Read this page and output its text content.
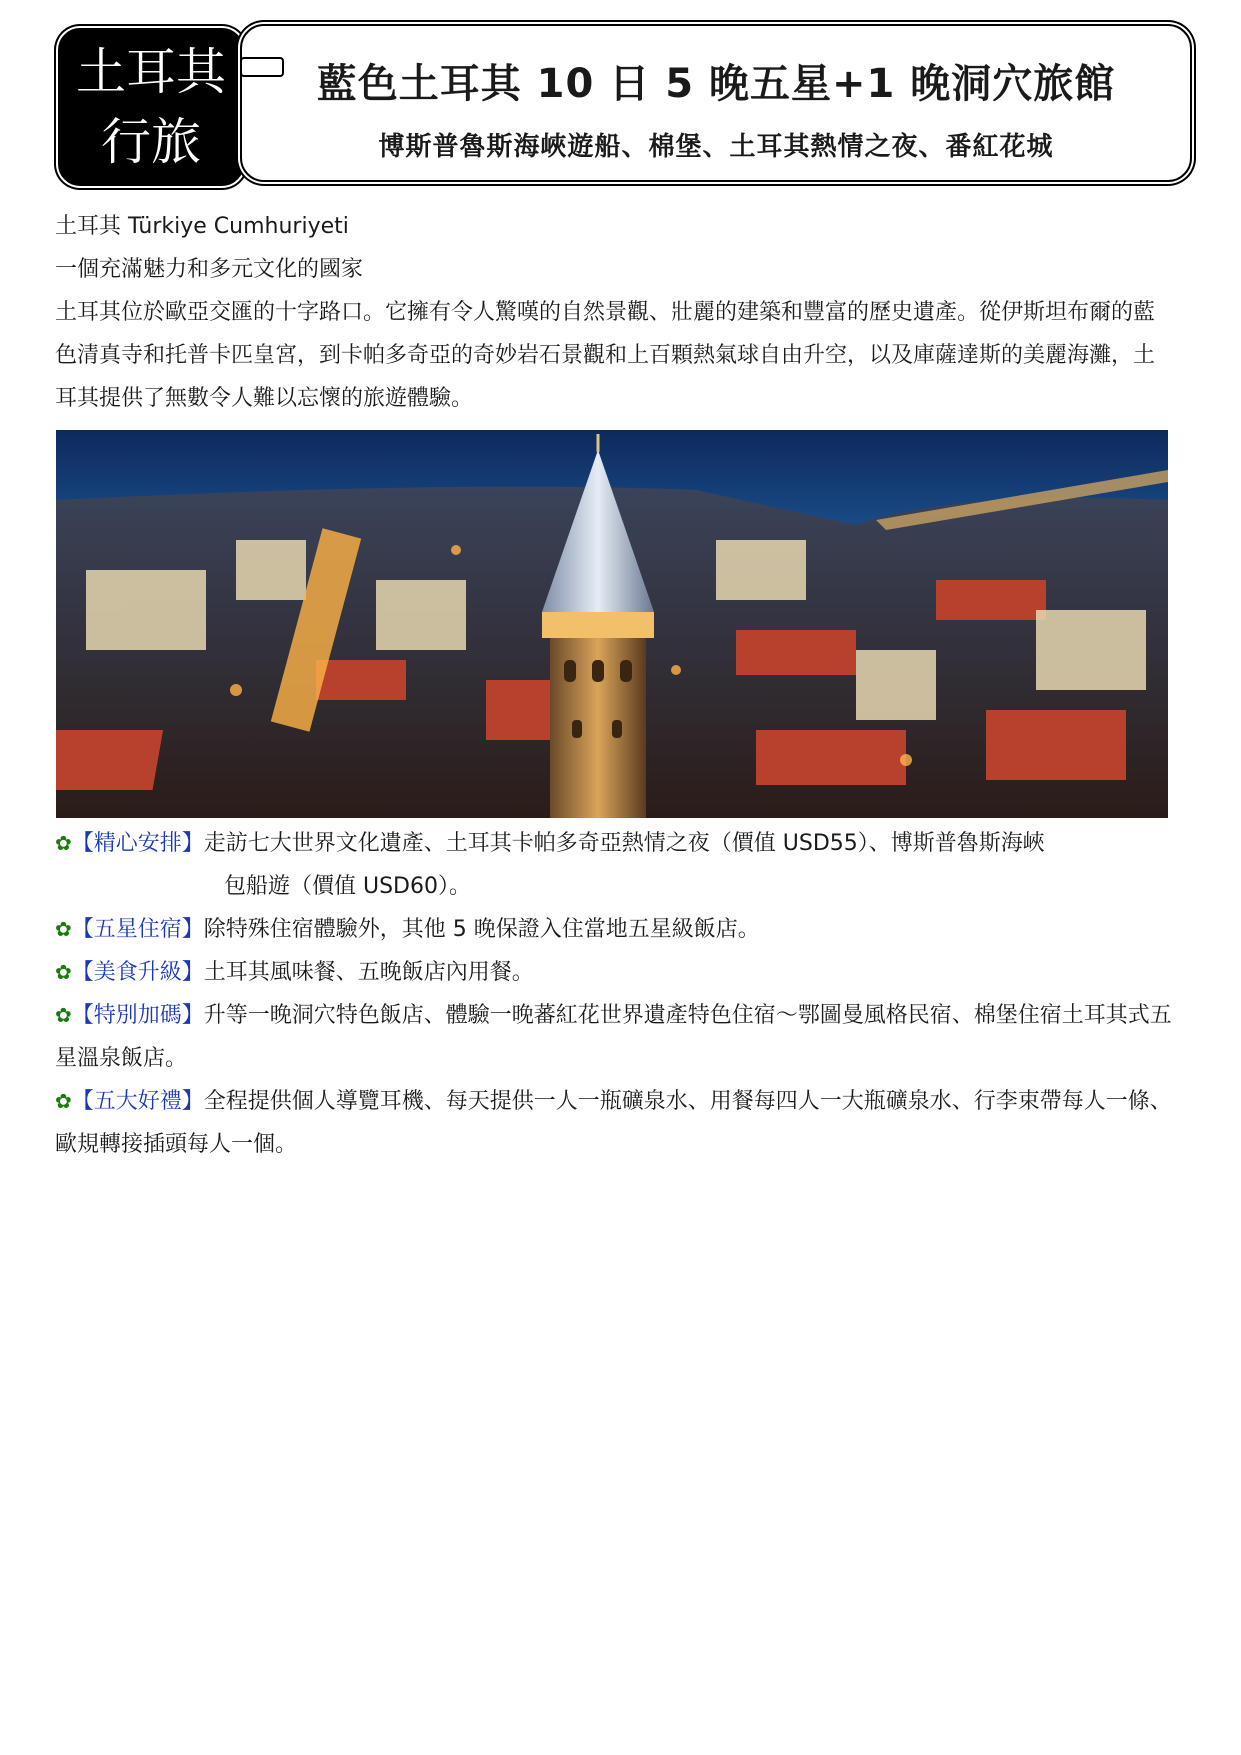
土耳其
行旅
藍色土耳其 10 日 5 晚五星+1 晚洞穴旅館
博斯普魯斯海峽遊船、棉堡、土耳其熱情之夜、番紅花城

土耳其 Türkiye Cumhuriyeti

一個充滿魅力和多元文化的國家

土耳其位於歐亞交匯的十字路口。它擁有令人驚嘆的自然景觀、壯麗的建築和豐富的歷史遺產。從伊斯坦布爾的藍色清真寺和托普卡匹皇宮，到卡帕多奇亞的奇妙岩石景觀和上百顆熱氣球自由升空，以及庫薩達斯的美麗海灘，土耳其提供了無數令人難以忘懷的旅遊體驗。

✿【精心安排】走訪七大世界文化遺產、土耳其卡帕多奇亞熱情之夜（價值 USD55）、博斯普魯斯海峽
包船遊（價值 USD60）。

✿【五星住宿】除特殊住宿體驗外，其他 5 晚保證入住當地五星級飯店。

✿【美食升級】土耳其風味餐、五晚飯店內用餐。

✿【特別加碼】升等一晚洞穴特色飯店、體驗一晚蕃紅花世界遺產特色住宿～鄂圖曼風格民宿、棉堡住宿土耳其式五星溫泉飯店。

✿【五大好禮】全程提供個人導覽耳機、每天提供一人一瓶礦泉水、用餐每四人一大瓶礦泉水、行李束帶每人一條、歐規轉接插頭每人一個。
